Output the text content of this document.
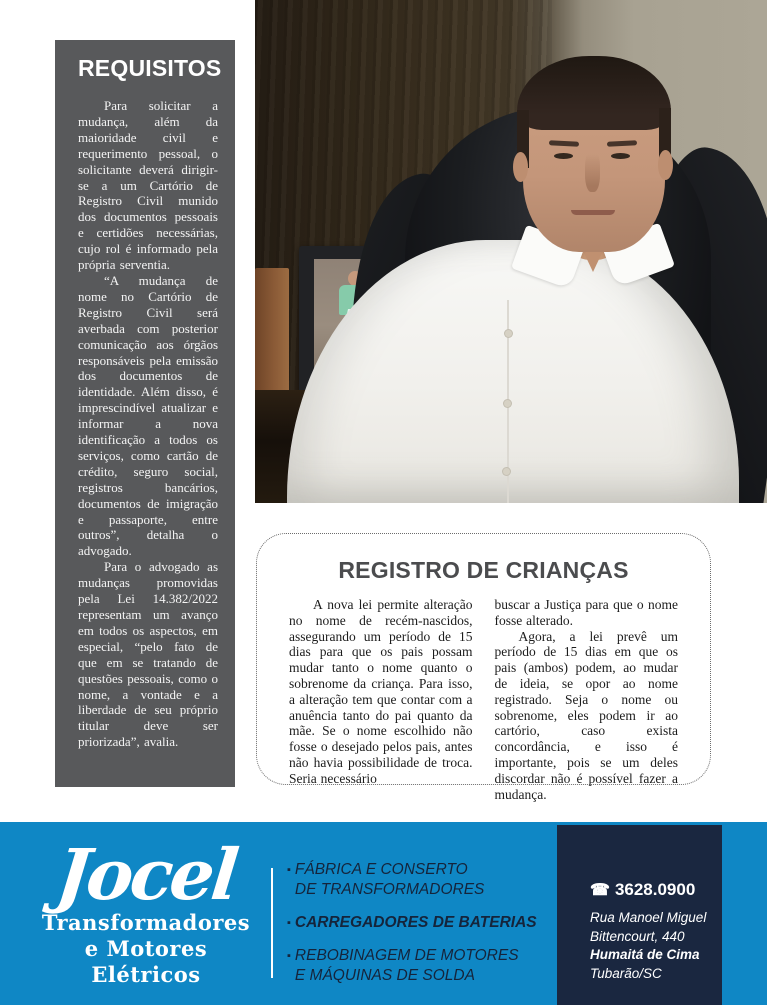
REQUISITOS

Para solicitar a mudança, além da maioridade civil e requerimento pessoal, o solicitante deverá dirigir-se a um Cartório de Registro Civil munido dos documentos pessoais e certidões necessárias, cujo rol é informado pela própria serventia.

“A mudança de nome no Cartório de Registro Civil será averbada com posterior comunicação aos órgãos responsáveis pela emissão dos documentos de identidade. Além disso, é imprescindível atualizar e informar a nova identificação a todos os serviços, como cartão de crédito, seguro social, registros bancários, documentos de imigração e passaporte, entre outros”, detalha o advogado.

Para o advogado as mudanças promovidas pela Lei 14.382/2022 representam um avanço em todos os aspectos, em especial, “pelo fato de que em se tratando de questões pessoais, como o nome, a vontade e a liberdade de seu próprio titular deve ser priorizada”, avalia.

REGISTRO DE CRIANÇAS

A nova lei permite alteração no nome de recém-nascidos, assegurando um período de 15 dias para que os pais possam mudar tanto o nome quanto o sobrenome da criança. Para isso, a alteração tem que contar com a anuência tanto do pai quanto da mãe. Se o nome escolhido não fosse o desejado pelos pais, antes não havia possibilidade de troca. Seria necessário

buscar a Justiça para que o nome fosse alterado.

Agora, a lei prevê um período de 15 dias em que os pais (ambos) podem, ao mudar de ideia, se opor ao nome registrado. Seja o nome ou sobrenome, eles podem ir ao cartório, caso exista concordância, e isso é importante, pois se um deles discordar não é possível fazer a mudança.

Jocel
Transformadores
e Motores Elétricos
▪ FÁBRICA E CONSERTO
DE TRANSFORMADORES
▪ CARREGADORES DE BATERIAS
▪ REBOBINAGEM DE MOTORES
E MÁQUINAS DE SOLDA
☎ 3628.0900
Rua Manoel Miguel
Bittencourt, 440
Humaitá de Cima
Tubarão/SC
